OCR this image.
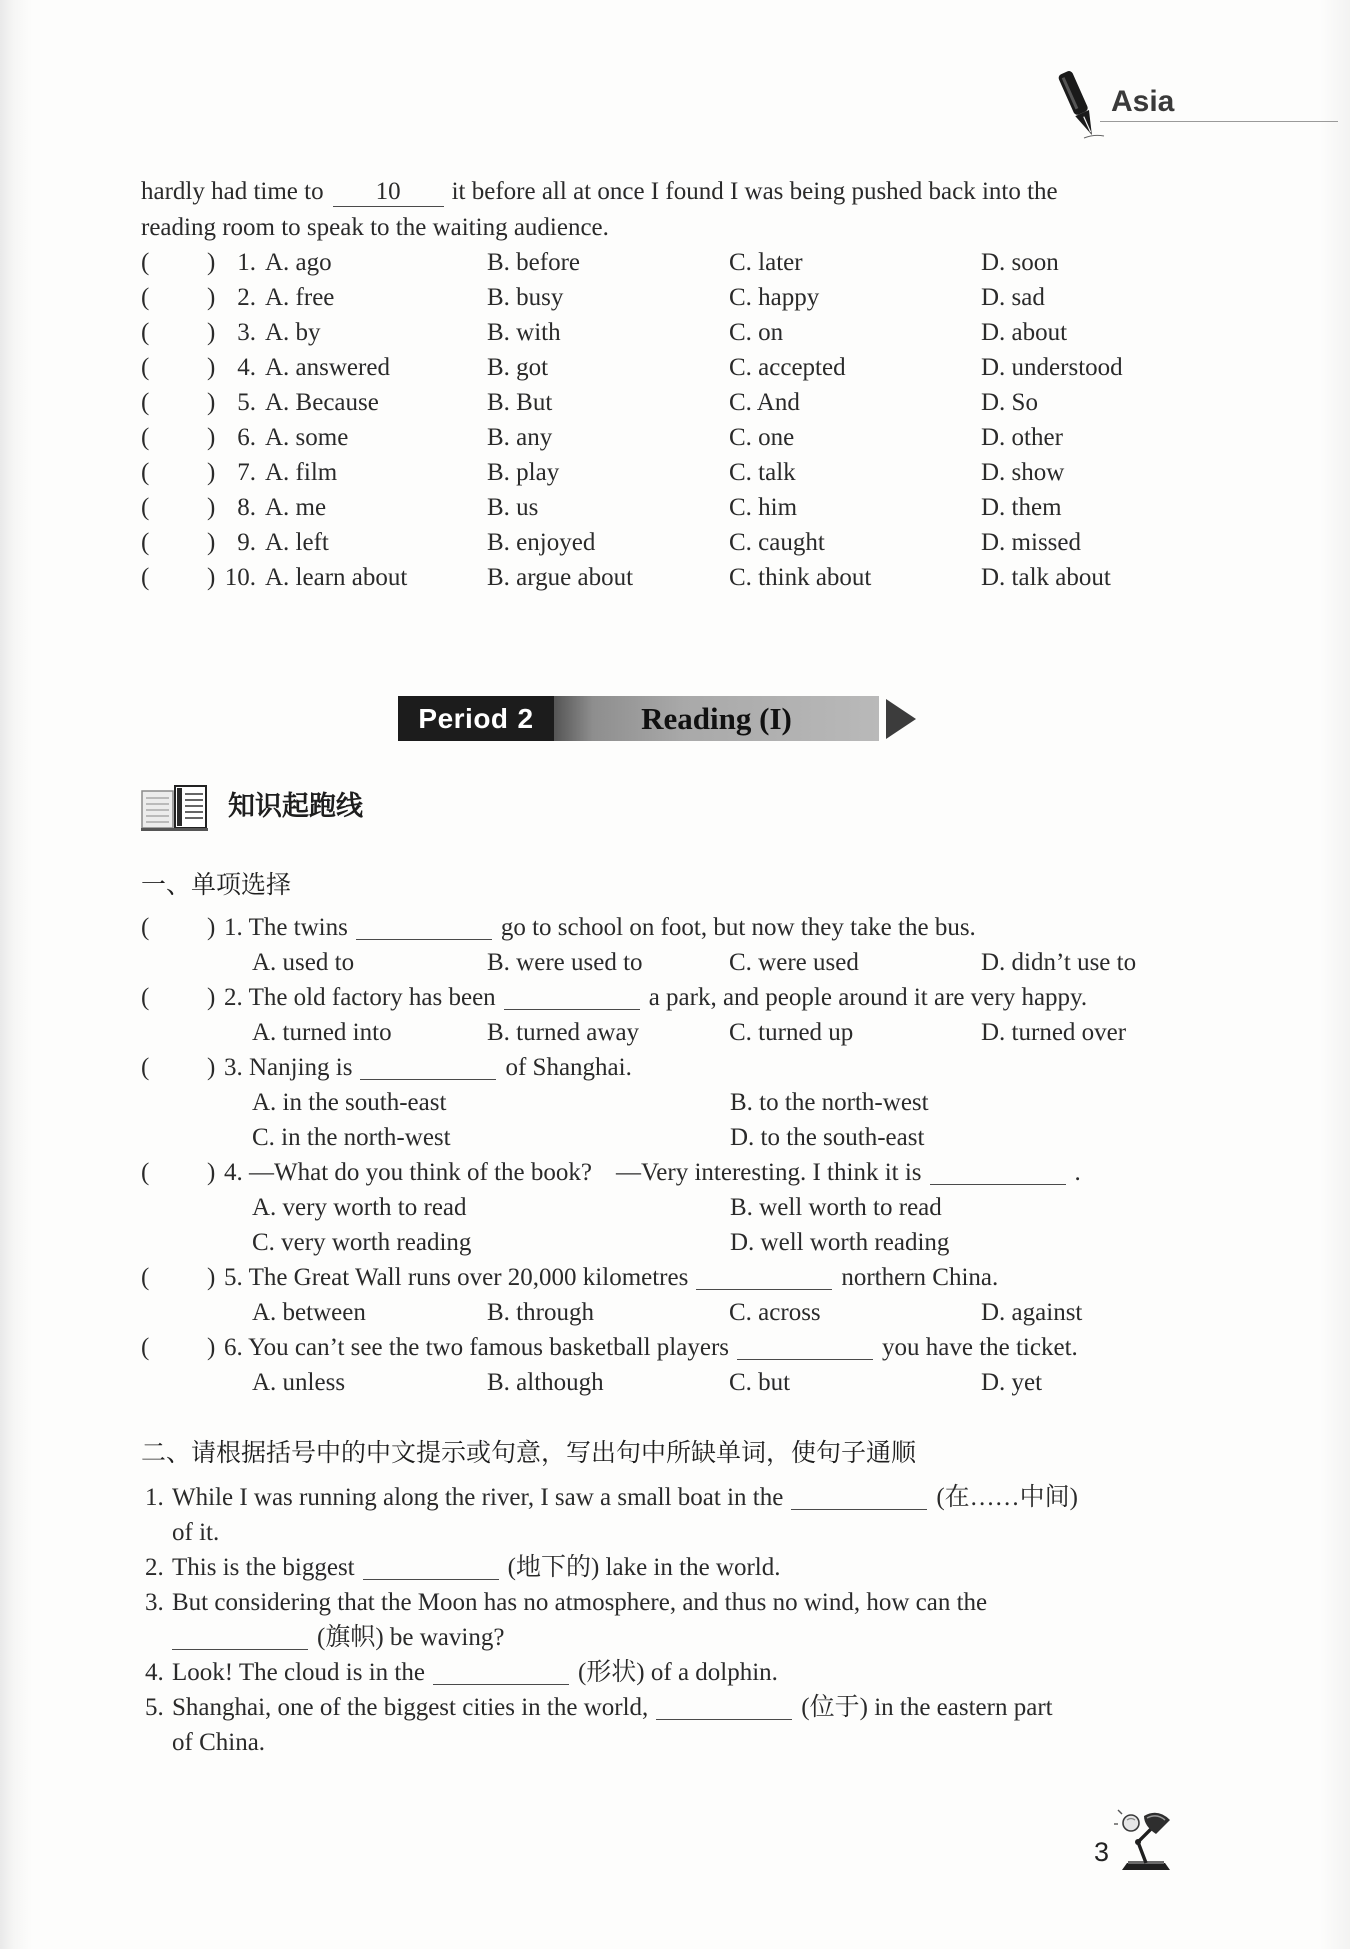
Asia
hardly had time to 10 it before all at once I found I was being pushed back into the
reading room to speak to the waiting audience.
( ) 1. A. ago	B. before	C. later	D. soon
( ) 2. A. free	B. busy	C. happy	D. sad
( ) 3. A. by	B. with	C. on	D. about
( ) 4. A. answered	B. got	C. accepted	D. understood
( ) 5. A. Because	B. But	C. And	D. So
( ) 6. A. some	B. any	C. one	D. other
( ) 7. A. film	B. play	C. talk	D. show
( ) 8. A. me	B. us	C. him	D. them
( ) 9. A. left	B. enjoyed	C. caught	D. missed
( ) 10. A. learn about	B. argue about	C. think about	D. talk about
Period 2	Reading (I)
知识起跑线
一、单项选择
( ) 1. The twins	go to school on foot, but now they take the bus.
A. used to	B. were used to	C. were used	D. didn’t use to
( ) 2. The old factory has been	a park, and people around it are very happy.
A. turned into	B. turned away	C. turned up	D. turned over
( ) 3. Nanjing is	of Shanghai.
A. in the south-east	B. to the north-west
C. in the north-west	D. to the south-east
( ) 4. —What do you think of the book? —Very interesting. I think it is	.
A. very worth to read	B. well worth to read
C. very worth reading	D. well worth reading
( ) 5. The Great Wall runs over 20,000 kilometres	northern China.
A. between	B. through	C. across	D. against
( ) 6. You can’t see the two famous basketball players	you have the ticket.
A. unless	B. although	C. but	D. yet
二、请根据括号中的中文提示或句意，写出句中所缺单词，使句子通顺
1. While I was running along the river, I saw a small boat in the	(在……中间)
of it.
2. This is the biggest	(地下的) lake in the world.
3. But considering that the Moon has no atmosphere, and thus no wind, how can the
(旗帜) be waving?
4. Look! The cloud is in the	(形状) of a dolphin.
5. Shanghai, one of the biggest cities in the world,	(位于) in the eastern part
of China.
3
